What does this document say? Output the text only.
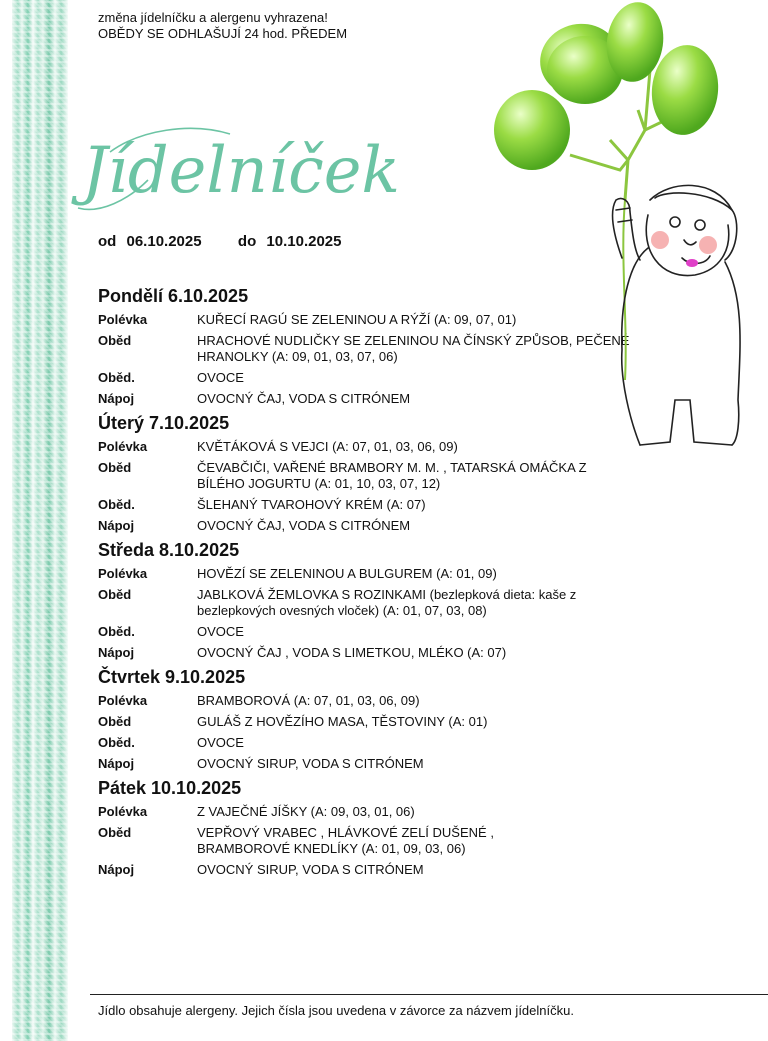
změna jídelníčku a alergenu vyhrazena!
OBĚDY SE ODHLAŠUJÍ 24 hod. PŘEDEM
Jídelníček
od 06.10.2025 do 10.10.2025
Pondělí 6.10.2025
Polévka	KUŘECÍ RAGÚ SE ZELENINOU A RÝŽÍ (A: 09, 07, 01)
Oběd	HRACHOVÉ NUDLIČKY SE ZELENINOU NA ČÍNSKÝ ZPŮSOB, PEČENÉ HRANOLKY (A: 09, 01, 03, 07, 06)
Oběd.	OVOCE
Nápoj	OVOCNÝ ČAJ, VODA S CITRÓNEM
Úterý 7.10.2025
Polévka	KVĚTÁKOVÁ S VEJCI (A: 07, 01, 03, 06, 09)
Oběd	ČEVABČIČI, VAŘENÉ BRAMBORY M. M. , TATARSKÁ OMÁČKA Z BÍLÉHO JOGURTU (A: 01, 10, 03, 07, 12)
Oběd.	ŠLEHANÝ TVAROHOVÝ KRÉM (A: 07)
Nápoj	OVOCNÝ ČAJ, VODA S CITRÓNEM
Středa 8.10.2025
Polévka	HOVĚZÍ SE ZELENINOU A BULGUREM (A: 01, 09)
Oběd	JABLKOVÁ ŽEMLOVKA S ROZINKAMI (bezlepková dieta: kaše z bezlepkových ovesných vloček) (A: 01, 07, 03, 08)
Oběd.	OVOCE
Nápoj	OVOCNÝ ČAJ , VODA S LIMETKOU, MLÉKO (A: 07)
Čtvrtek 9.10.2025
Polévka	BRAMBOROVÁ (A: 07, 01, 03, 06, 09)
Oběd	GULÁŠ Z HOVĚZÍHO MASA, TĚSTOVINY (A: 01)
Oběd.	OVOCE
Nápoj	OVOCNÝ SIRUP, VODA S CITRÓNEM
Pátek 10.10.2025
Polévka	Z VAJEČNÉ JÍŠKY (A: 09, 03, 01, 06)
Oběd	VEPŘOVÝ VRABEC , HLÁVKOVÉ ZELÍ DUŠENÉ , BRAMBOROVÉ KNEDLÍKY (A: 01, 09, 03, 06)
Nápoj	OVOCNÝ SIRUP, VODA S CITRÓNEM
Jídlo obsahuje alergeny. Jejich čísla jsou uvedena v závorce za názvem jídelníčku.
